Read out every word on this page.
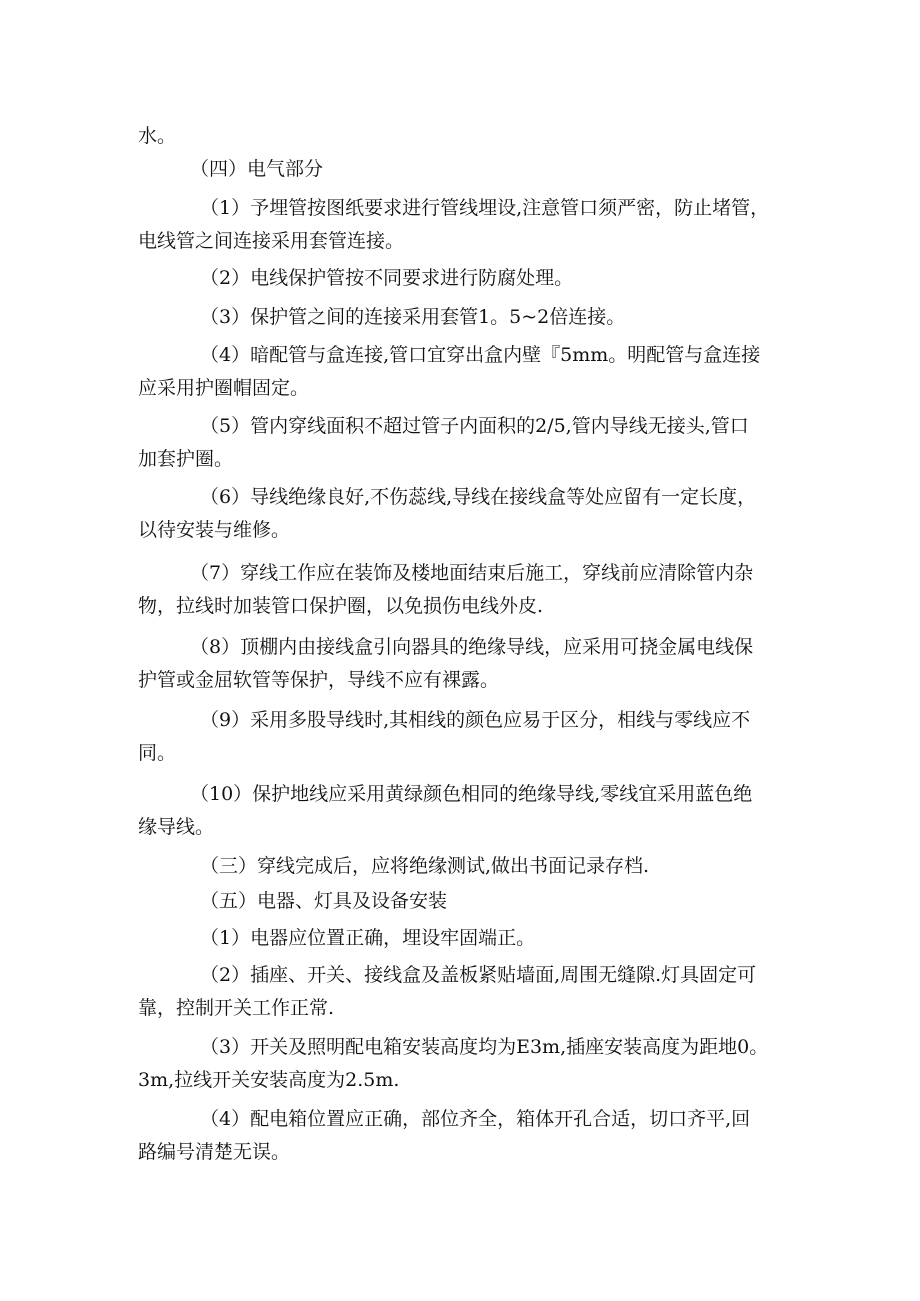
水。
（四）电气部分
（1）予埋管按图纸要求进行管线埋设,注意管口须严密，防止堵管，
电线管之间连接采用套管连接。
（2）电线保护管按不同要求进行防腐处理。
（3）保护管之间的连接采用套管1。5~2倍连接。
（4）暗配管与盒连接,管口宜穿出盒内壁『5mm。明配管与盒连接
应采用护圈帽固定。
（5）管内穿线面积不超过管子内面积的2/5,管内导线无接头,管口
加套护圈。
（6）导线绝缘良好,不伤蕊线,导线在接线盒等处应留有一定长度，
以待安装与维修。
（7）穿线工作应在装饰及楼地面结束后施工，穿线前应清除管内杂
物，拉线时加装管口保护圈，以免损伤电线外皮.
（8）顶棚内由接线盒引向器具的绝缘导线，应采用可挠金属电线保
护管或金屈软管等保护，导线不应有裸露。
（9）采用多股导线时,其相线的颜色应易于区分，相线与零线应不
同。
（10）保护地线应采用黄绿颜色相同的绝缘导线,零线宜采用蓝色绝
缘导线。
（三）穿线完成后，应将绝缘测试,做出书面记录存档.
（五）电器、灯具及设备安装
（1）电器应位置正确，埋设牢固端正。
（2）插座、开关、接线盒及盖板紧贴墙面,周围无缝隙.灯具固定可
靠，控制开关工作正常.
（3）开关及照明配电箱安装高度均为E3m,插座安装高度为距地0。
3m,拉线开关安装高度为2.5m.
（4）配电箱位置应正确，部位齐全，箱体开孔合适，切口齐平,回
路编号清楚无误。
